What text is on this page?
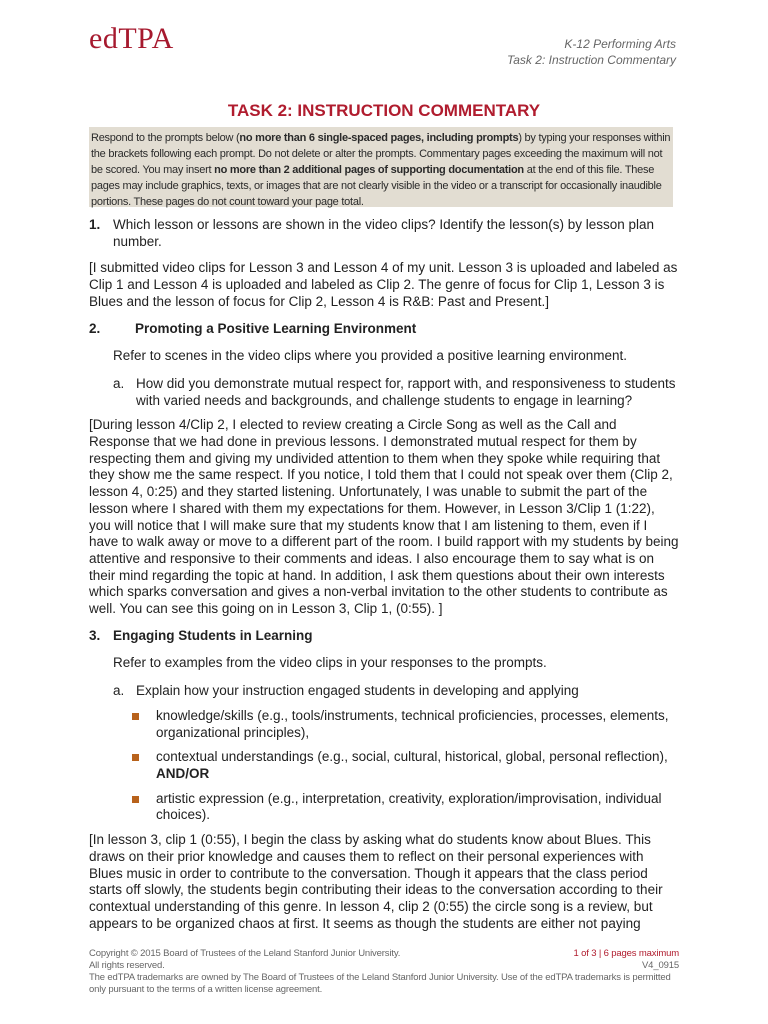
edTPA	K-12 Performing Arts
Task 2: Instruction Commentary
TASK 2: INSTRUCTION COMMENTARY
Respond to the prompts below (no more than 6 single-spaced pages, including prompts) by typing your responses within the brackets following each prompt. Do not delete or alter the prompts. Commentary pages exceeding the maximum will not be scored. You may insert no more than 2 additional pages of supporting documentation at the end of this file. These pages may include graphics, texts, or images that are not clearly visible in the video or a transcript for occasionally inaudible portions. These pages do not count toward your page total.
1. Which lesson or lessons are shown in the video clips? Identify the lesson(s) by lesson plan number.
[I submitted video clips for Lesson 3 and Lesson 4 of my unit. Lesson 3 is uploaded and labeled as Clip 1 and Lesson 4 is uploaded and labeled as Clip 2. The genre of focus for Clip 1, Lesson 3 is Blues and the lesson of focus for Clip 2, Lesson 4 is R&B: Past and Present.]
2.	Promoting a Positive Learning Environment
Refer to scenes in the video clips where you provided a positive learning environment.
a. How did you demonstrate mutual respect for, rapport with, and responsiveness to students with varied needs and backgrounds, and challenge students to engage in learning?
[During lesson 4/Clip 2, I elected to review creating a Circle Song as well as the Call and Response that we had done in previous lessons. I demonstrated mutual respect for them by respecting them and giving my undivided attention to them when they spoke while requiring that they show me the same respect. If you notice, I told them that I could not speak over them (Clip 2, lesson 4, 0:25) and they started listening. Unfortunately, I was unable to submit the part of the lesson where I shared with them my expectations for them. However, in Lesson 3/Clip 1 (1:22), you will notice that I will make sure that my students know that I am listening to them, even if I have to walk away or move to a different part of the room. I build rapport with my students by being attentive and responsive to their comments and ideas. I also encourage them to say what is on their mind regarding the topic at hand. In addition, I ask them questions about their own interests which sparks conversation and gives a non-verbal invitation to the other students to contribute as well. You can see this going on in Lesson 3, Clip 1, (0:55). ]
3. Engaging Students in Learning
Refer to examples from the video clips in your responses to the prompts.
a. Explain how your instruction engaged students in developing and applying
knowledge/skills (e.g., tools/instruments, technical proficiencies, processes, elements, organizational principles),
contextual understandings (e.g., social, cultural, historical, global, personal reflection), AND/OR
artistic expression (e.g., interpretation, creativity, exploration/improvisation, individual choices).
[In lesson 3, clip 1 (0:55), I begin the class by asking what do students know about Blues. This draws on their prior knowledge and causes them to reflect on their personal experiences with Blues music in order to contribute to the conversation. Though it appears that the class period starts off slowly, the students begin contributing their ideas to the conversation according to their contextual understanding of this genre. In lesson 4, clip 2 (0:55) the circle song is a review, but appears to be organized chaos at first. It seems as though the students are either not paying
Copyright © 2015 Board of Trustees of the Leland Stanford Junior University.	1 of 3 | 6 pages maximum
All rights reserved.	V4_0915
The edTPA trademarks are owned by The Board of Trustees of the Leland Stanford Junior University. Use of the edTPA trademarks is permitted only pursuant to the terms of a written license agreement.
